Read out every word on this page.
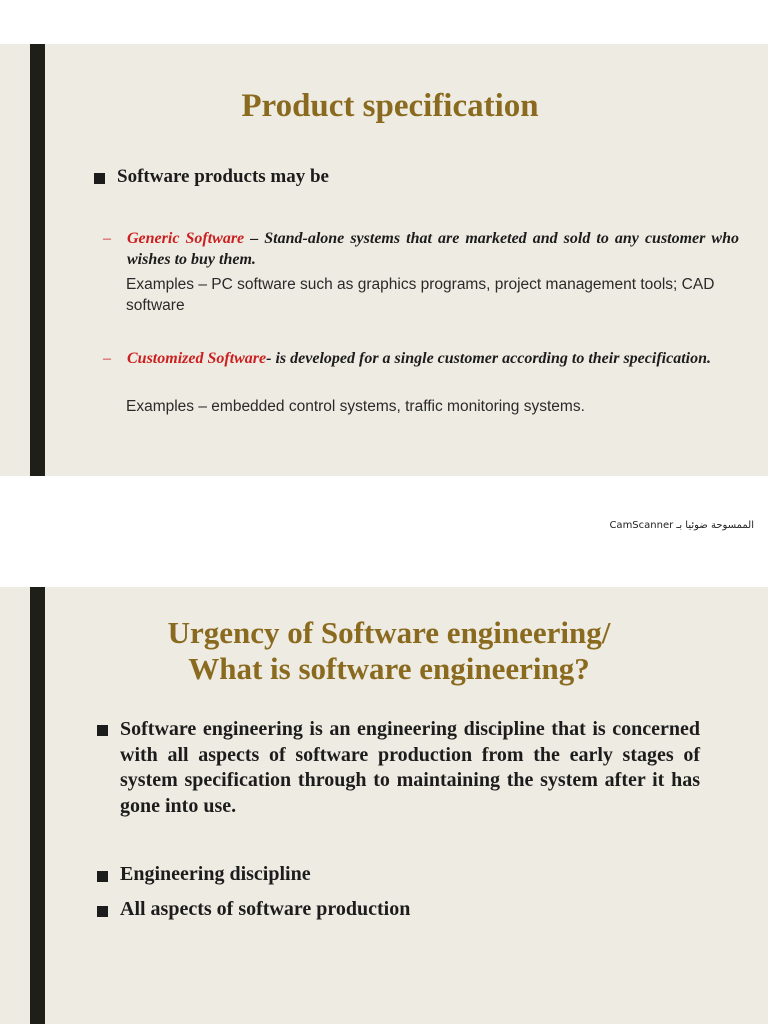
Product specification
Software products may be
– Generic Software – Stand-alone systems that are marketed and sold to any customer who wishes to buy them.
Examples – PC software such as graphics programs, project management tools; CAD software
– Customized Software- is developed for a single customer according to their specification.
Examples – embedded control systems, traffic monitoring systems.
CamScanner الممسوحة ضوئيا بـ
Urgency of Software engineering/
What is software engineering?
Software engineering is an engineering discipline that is concerned with all aspects of software production from the early stages of system specification through to maintaining the system after it has gone into use.
Engineering discipline
All aspects of software production
